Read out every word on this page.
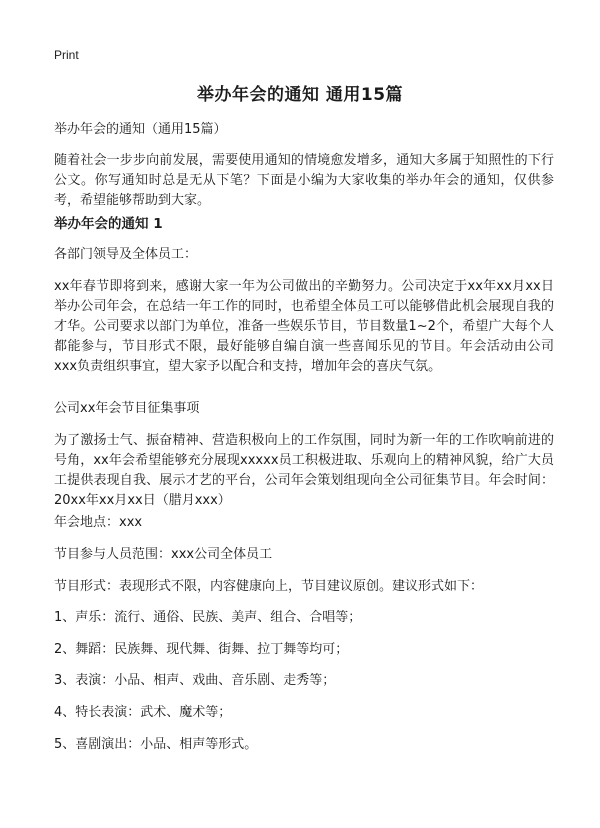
Print
举办年会的通知 通用15篇
举办年会的通知（通用15篇）
随着社会一步步向前发展，需要使用通知的情境愈发增多，通知大多属于知照性的下行公文。你写通知时总是无从下笔？下面是小编为大家收集的举办年会的通知，仅供参考，希望能够帮助到大家。
举办年会的通知 1
各部门领导及全体员工：
xx年春节即将到来，感谢大家一年为公司做出的辛勤努力。公司决定于xx年xx月xx日举办公司年会，在总结一年工作的同时，也希望全体员工可以能够借此机会展现自我的才华。公司要求以部门为单位，准备一些娱乐节目，节目数量1~2个，希望广大每个人都能参与，节目形式不限，最好能够自编自演一些喜闻乐见的节目。年会活动由公司xxx负责组织事宜，望大家予以配合和支持，增加年会的喜庆气氛。
公司xx年会节目征集事项
为了激扬士气、振奋精神、营造积极向上的工作氛围，同时为新一年的工作吹响前进的号角，xx年会希望能够充分展现xxxxx员工积极进取、乐观向上的精神风貌，给广大员工提供表现自我、展示才艺的平台，公司年会策划组现向全公司征集节目。年会时间：20xx年xx月xx日（腊月xxx）
年会地点：xxx
节目参与人员范围：xxx公司全体员工
节目形式：表现形式不限，内容健康向上，节目建议原创。建议形式如下：
1、声乐：流行、通俗、民族、美声、组合、合唱等；
2、舞蹈：民族舞、现代舞、街舞、拉丁舞等均可；
3、表演：小品、相声、戏曲、音乐剧、走秀等；
4、特长表演：武术、魔术等；
5、喜剧演出：小品、相声等形式。
